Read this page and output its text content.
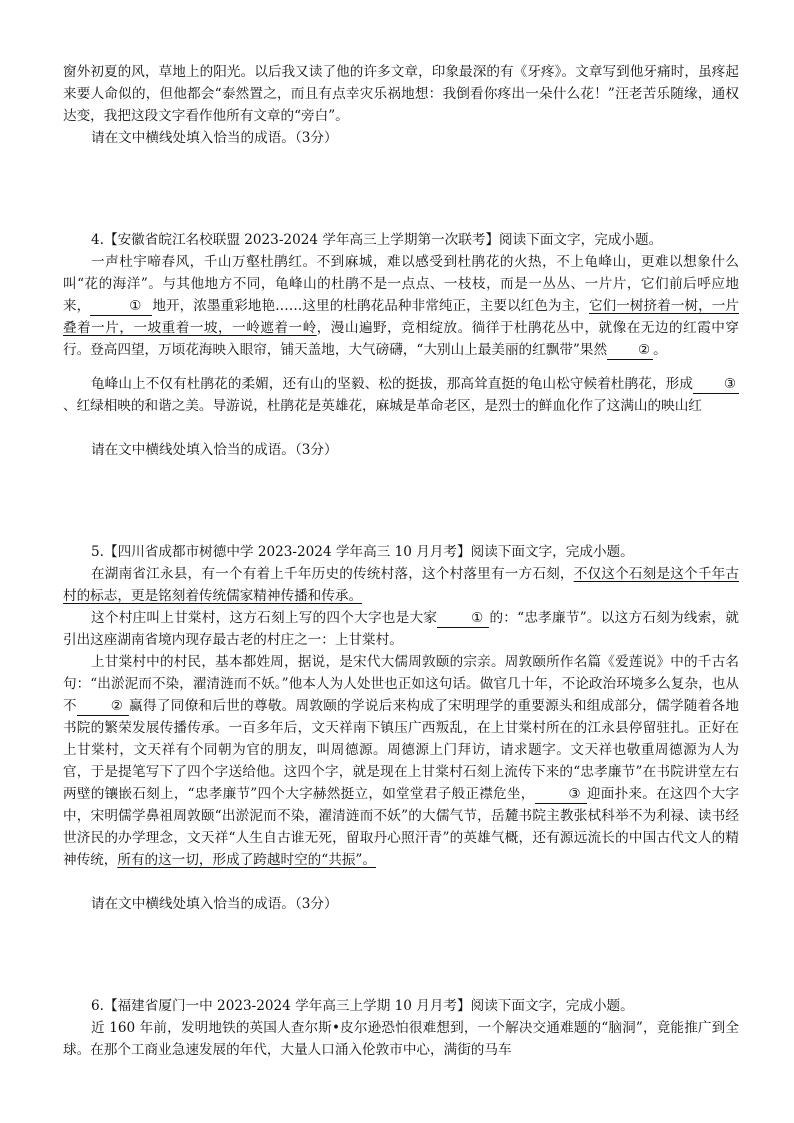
窗外初夏的风，草地上的阳光。以后我又读了他的许多文章，印象最深的有《牙疼》。文章写到他牙痛时，虽疼起来要人命似的，但他都会“泰然置之，而且有点幸灾乐祸地想：我倒看你疼出一朵什么花！”汪老苦乐随缘，通权达变，我把这段文字看作他所有文章的“旁白”。
请在文中横线处填入恰当的成语。（3分）
4.【安徽省皖江名校联盟 2023-2024 学年高三上学期第一次联考】阅读下面文字，完成小题。
一声杜宇啼春风，千山万壑杜鹃红。不到麻城，难以感受到杜鹃花的火热，不上龟峰山，更难以想象什么叫“花的海洋”。与其他地方不同，龟峰山的杜鹃不是一点点、一枝枝，而是一丛丛、一片片，它们前后呼应地来，	① 地开，浓墨重彩地艳……这里的杜鹃花品种非常纯正，主要以红色为主，它们一树挤着一树，一片叠着一片，一坡重着一坡，一岭遮着一岭，漫山遍野，竞相绽放。徜徉于杜鹃花丛中，就像在无边的红霞中穿行。登高四望，万顷花海映入眼帘，铺天盖地，大气磅礴，“大别山上最美丽的红飘带”果然 ② 。
龟峰山上不仅有杜鹃花的柔媚，还有山的坚毅、松的挺拔，那高耸直挺的龟山松守候着杜鹃花，形成 ③、红绿相映的和谐之美。导游说，杜鹃花是英雄花，麻城是革命老区，是烈士的鲜血化作了这满山的映山红
请在文中横线处填入恰当的成语。（3分）
5.【四川省成都市树德中学 2023-2024 学年高三 10 月月考】阅读下面文字，完成小题。
在湖南省江永县，有一个有着上千年历史的传统村落，这个村落里有一方石刻，不仅这个石刻是这个千年古村的标志，更是铭刻着传统儒家精神传播和传承。
这个村庄叫上甘棠村，这方石刻上写的四个大字也是大家 ① 的：“忠孝廉节”。以这方石刻为线索，就引出这座湖南省境内现存最古老的村庄之一：上甘棠村。
上甘棠村中的村民，基本都姓周，据说，是宋代大儒周敦颐的宗亲。周敦颐所作名篇《爱莲说》中的千古名句：“出淤泥而不染，濯清涟而不妖。”他本人为人处世也正如这句话。做官几十年，不论政治环境多么复杂，也从不 ② 赢得了同僚和后世的尊敬。周敦颐的学说后来构成了宋明理学的重要源头和组成部分，儒学随着各地书院的繁荣发展传播传承。一百多年后，文天祥南下镇压广西叛乱，在上甘棠村所在的江永县停留驻扎。正好在上甘棠村，文天祥有个同朝为官的朋友，叫周德源。周德源上门拜访，请求题字。文天祥也敬重周德源为人为官，于是提笔写下了四个字送给他。这四个字，就是现在上甘棠村石刻上流传下来的“忠孝廉节”在书院讲堂左右两壁的镶嵌石刻上，“忠孝廉节”四个大字赫然挺立，如堂堂君子般正襟危坐， ③ 迎面扑来。在这四个大字中，宋明儒学鼻祖周敦颐“出淤泥而不染，濯清涟而不妖”的大儒气节，岳麓书院主教张栻科举不为利禄、读书经世济民的办学理念，文天祥“人生自古谁无死，留取丹心照汗青”的英雄气概，还有源远流长的中国古代文人的精神传统，所有的这一切，形成了跨越时空的“共振”。
请在文中横线处填入恰当的成语。（3分）
6.【福建省厦门一中 2023-2024 学年高三上学期 10 月月考】阅读下面文字，完成小题。
近 160 年前，发明地铁的英国人查尔斯•皮尔逊恐怕很难想到，一个解决交通难题的“脑洞”，竟能推广到全球。在那个工商业急速发展的年代，大量人口涌入伦敦市中心，满街的马车
